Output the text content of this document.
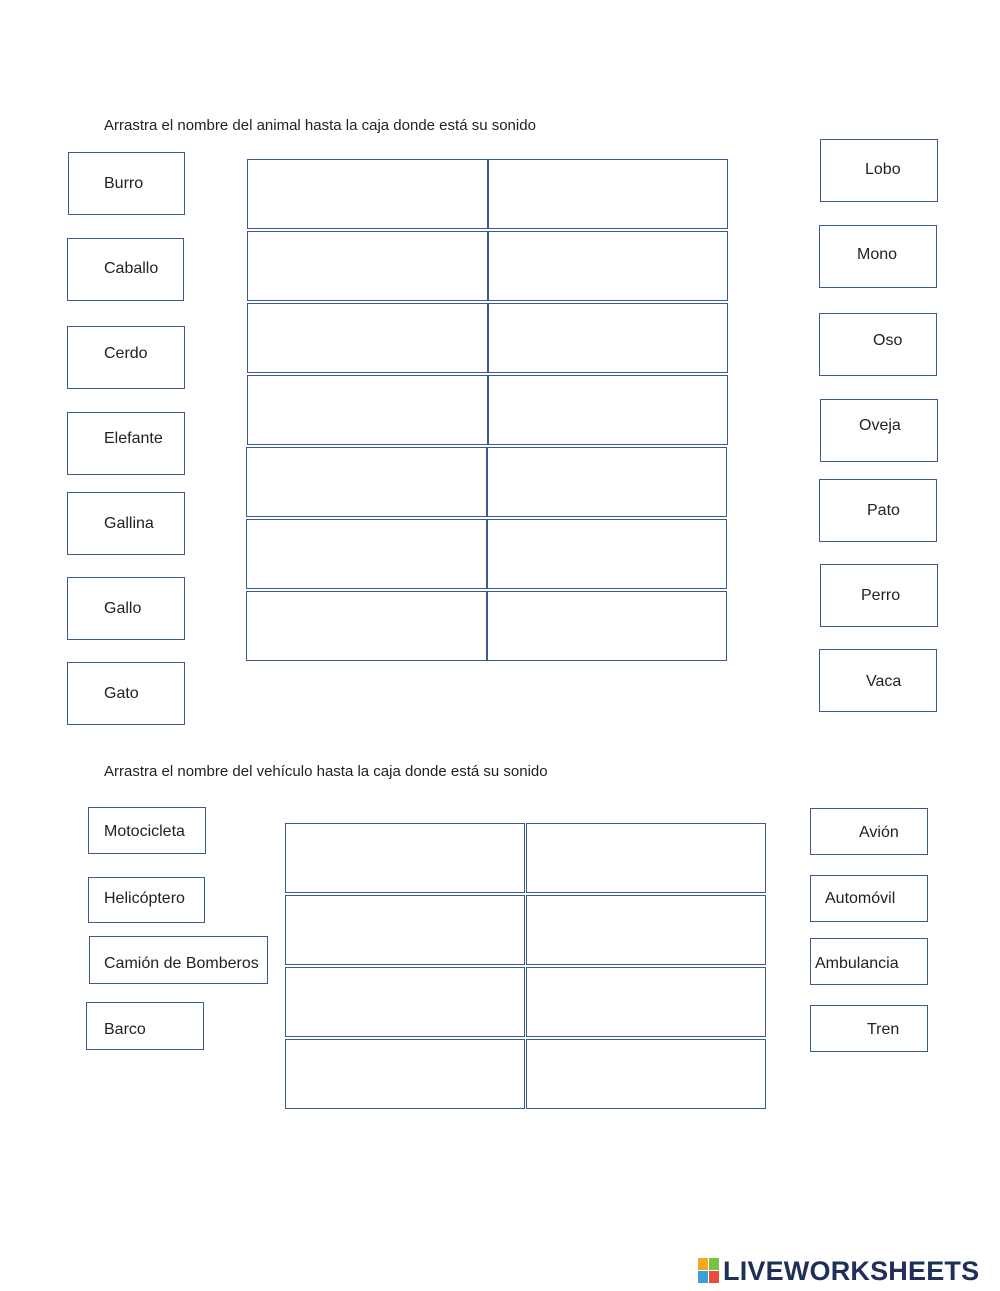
Arrastra el nombre del animal hasta la caja donde está su sonido
Burro
Caballo
Cerdo
Elefante
Gallina
Gallo
Gato
Lobo
Mono
Oso
Oveja
Pato
Perro
Vaca
Arrastra el nombre del vehículo hasta la caja donde está su sonido
Motocicleta
Helicóptero
Camión de Bomberos
Barco
Avión
Automóvil
Ambulancia
Tren
LIVEWORKSHEETS
